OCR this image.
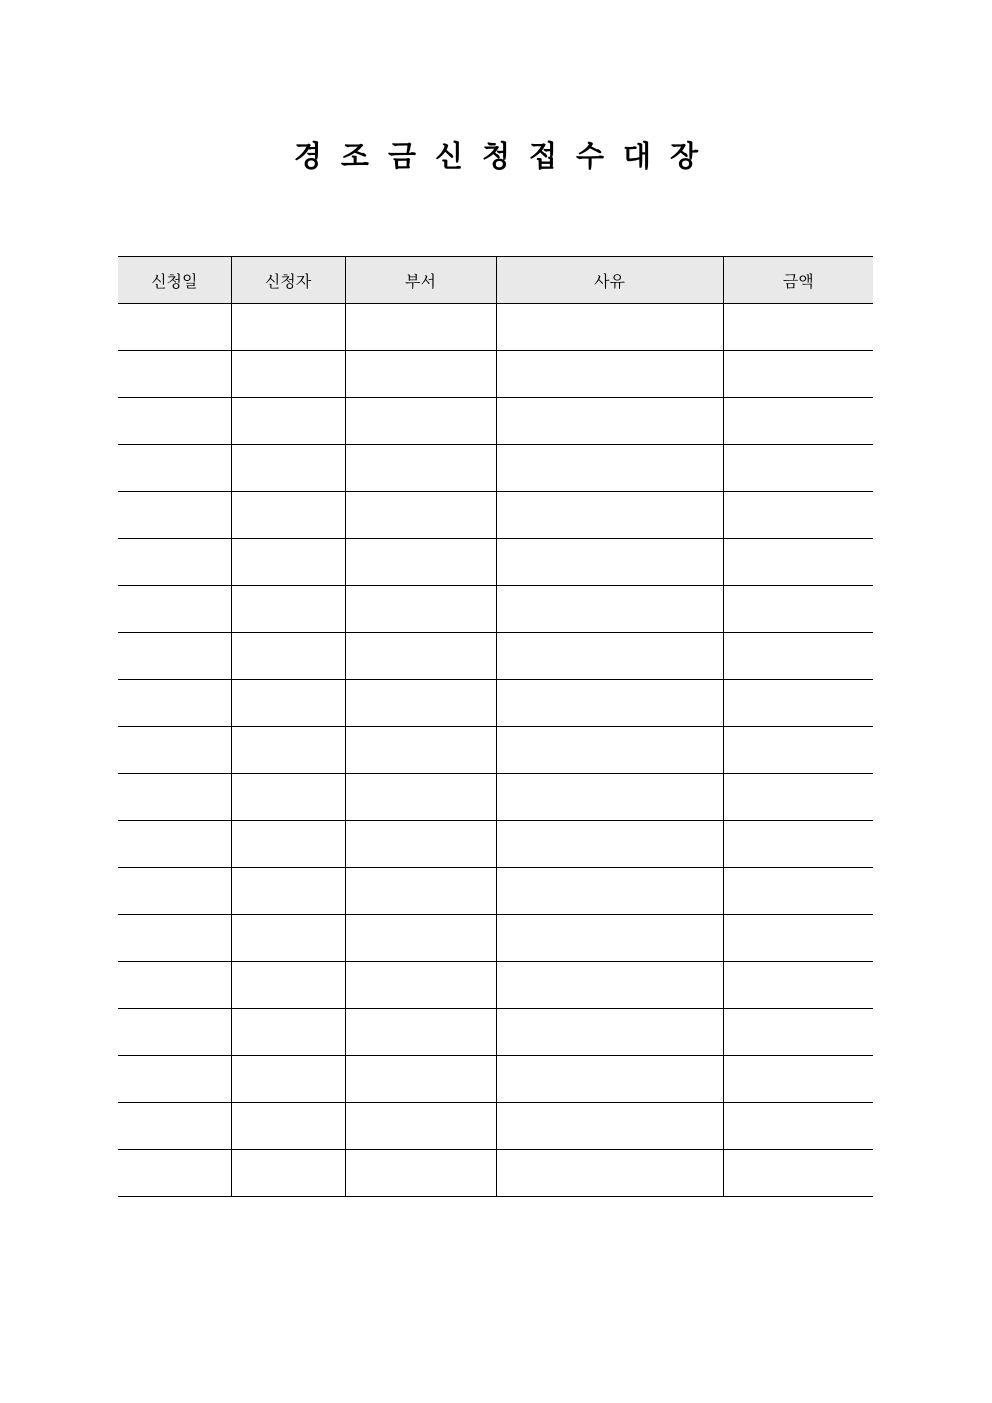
경조금신청접수대장
신청일	신청자	부서	사유	금액
